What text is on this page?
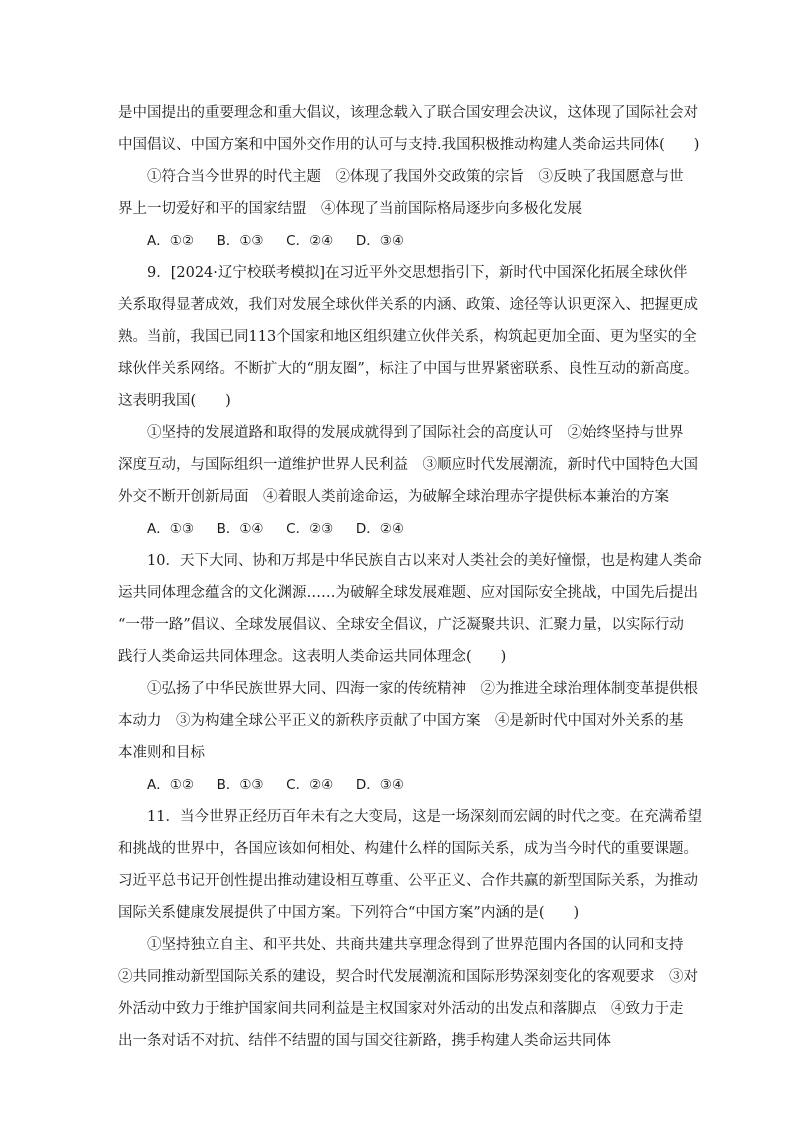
是中国提出的重要理念和重大倡议，该理念载入了联合国安理会决议，这体现了国际社会对
中国倡议、中国方案和中国外交作用的认可与支持.我国积极推动构建人类命运共同体(　　)
①符合当今世界的时代主题　②体现了我国外交政策的宗旨　③反映了我国愿意与世
界上一切爱好和平的国家结盟　④体现了当前国际格局逐步向多极化发展
A．①② B．①③ C．②④ D．③④
9．[2024·辽宁校联考模拟]在习近平外交思想指引下，新时代中国深化拓展全球伙伴
关系取得显著成效，我们对发展全球伙伴关系的内涵、政策、途径等认识更深入、把握更成
熟。当前，我国已同113个国家和地区组织建立伙伴关系，构筑起更加全面、更为坚实的全
球伙伴关系网络。不断扩大的“朋友圈”，标注了中国与世界紧密联系、良性互动的新高度。
这表明我国(　　)
①坚持的发展道路和取得的发展成就得到了国际社会的高度认可　②始终坚持与世界
深度互动，与国际组织一道维护世界人民利益　③顺应时代发展潮流，新时代中国特色大国
外交不断开创新局面　④着眼人类前途命运，为破解全球治理赤字提供标本兼治的方案
A．①③ B．①④ C．②③ D．②④
10．天下大同、协和万邦是中华民族自古以来对人类社会的美好憧憬，也是构建人类命
运共同体理念蕴含的文化渊源……为破解全球发展难题、应对国际安全挑战，中国先后提出
“一带一路”倡议、全球发展倡议、全球安全倡议，广泛凝聚共识、汇聚力量，以实际行动
践行人类命运共同体理念。这表明人类命运共同体理念(　　)
①弘扬了中华民族世界大同、四海一家的传统精神　②为推进全球治理体制变革提供根
本动力　③为构建全球公平正义的新秩序贡献了中国方案　④是新时代中国对外关系的基
本准则和目标
A．①② B．①③ C．②④ D．③④
11．当今世界正经历百年未有之大变局，这是一场深刻而宏阔的时代之变。在充满希望
和挑战的世界中，各国应该如何相处、构建什么样的国际关系，成为当今时代的重要课题。
习近平总书记开创性提出推动建设相互尊重、公平正义、合作共赢的新型国际关系，为推动
国际关系健康发展提供了中国方案。下列符合“中国方案”内涵的是(　　)
①坚持独立自主、和平共处、共商共建共享理念得到了世界范围内各国的认同和支持
②共同推动新型国际关系的建设，契合时代发展潮流和国际形势深刻变化的客观要求　③对
外活动中致力于维护国家间共同利益是主权国家对外活动的出发点和落脚点　④致力于走
出一条对话不对抗、结伴不结盟的国与国交往新路，携手构建人类命运共同体
